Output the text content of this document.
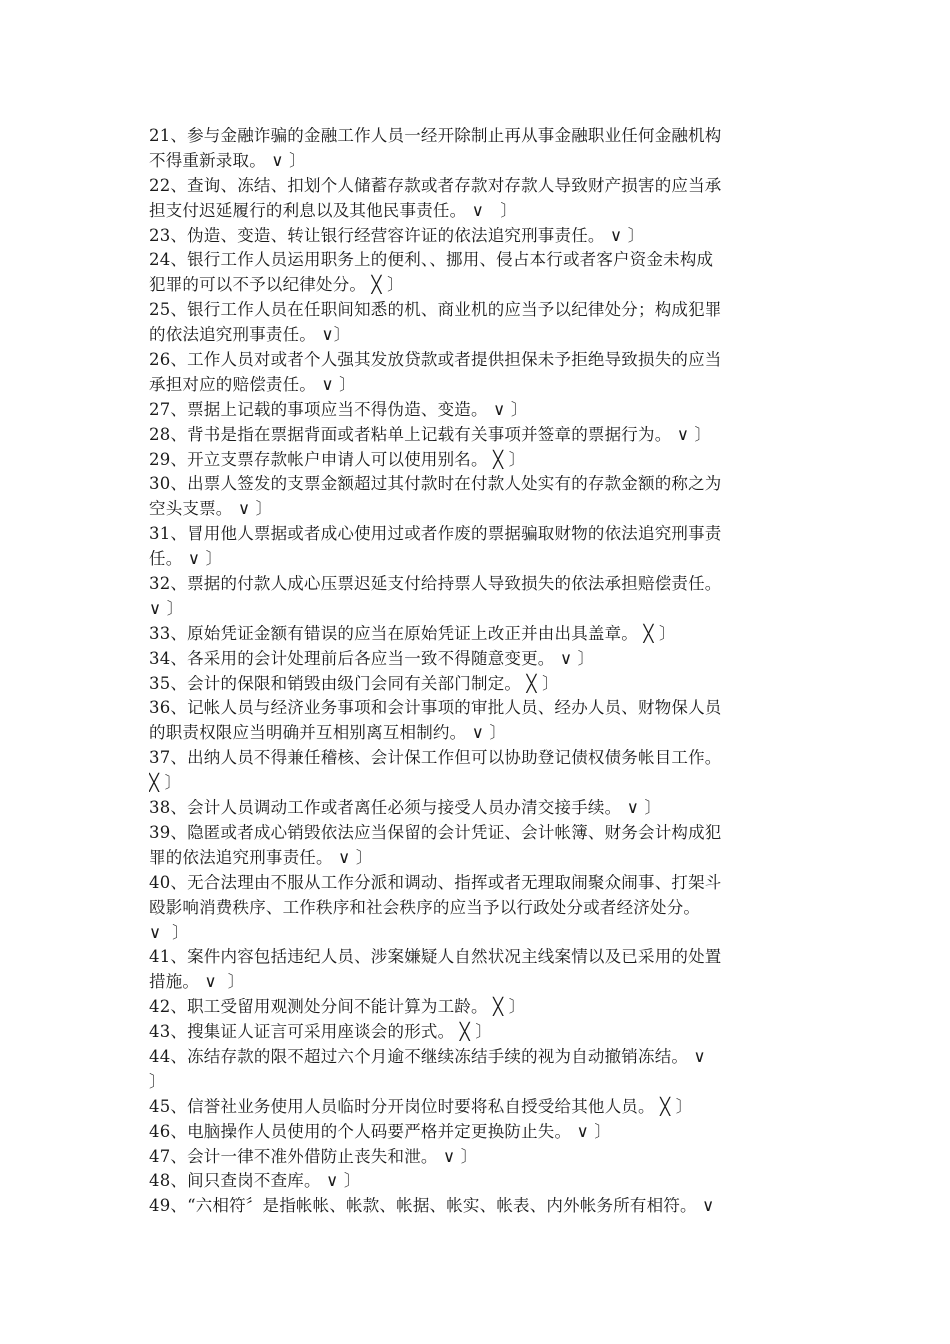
21、参与金融诈骗的金融工作人员一经开除制止再从事金融职业任何金融机构
不得重新录取。 ∨ 〕
22、查询、冻结、扣划个人储蓄存款或者存款对存款人导致财产损害的应当承
担支付迟延履行的利息以及其他民事责任。 ∨   〕
23、伪造、变造、转让银行经营容许证的依法追究刑事责任。 ∨ 〕
24、银行工作人员运用职务上的便利、、挪用、侵占本行或者客户资金未构成
犯罪的可以不予以纪律处分。 ╳ 〕
25、银行工作人员在任职间知悉的机、商业机的应当予以纪律处分；构成犯罪
的依法追究刑事责任。 ∨〕
26、工作人员对或者个人强其发放贷款或者提供担保未予拒绝导致损失的应当
承担对应的赔偿责任。 ∨ 〕
27、票据上记载的事项应当不得伪造、变造。 ∨ 〕
28、背书是指在票据背面或者粘单上记载有关事项并签章的票据行为。 ∨ 〕
29、开立支票存款帐户申请人可以使用别名。 ╳ 〕
30、出票人签发的支票金额超过其付款时在付款人处实有的存款金额的称之为
空头支票。 ∨ 〕
31、冒用他人票据或者成心使用过或者作废的票据骗取财物的依法追究刑事责
任。 ∨ 〕
32、票据的付款人成心压票迟延支付给持票人导致损失的依法承担赔偿责任。
∨ 〕
33、原始凭证金额有错误的应当在原始凭证上改正并由出具盖章。 ╳ 〕
34、各采用的会计处理前后各应当一致不得随意变更。 ∨ 〕
35、会计的保限和销毁由级门会同有关部门制定。 ╳ 〕
36、记帐人员与经济业务事项和会计事项的审批人员、经办人员、财物保人员
的职责权限应当明确并互相别离互相制约。 ∨ 〕
37、出纳人员不得兼任稽核、会计保工作但可以协助登记债权债务帐目工作。
╳ 〕
38、会计人员调动工作或者离任必须与接受人员办清交接手续。 ∨ 〕
39、隐匿或者成心销毁依法应当保留的会计凭证、会计帐簿、财务会计构成犯
罪的依法追究刑事责任。 ∨ 〕
40、无合法理由不服从工作分派和调动、指挥或者无理取闹聚众闹事、打架斗
殴影响消费秩序、工作秩序和社会秩序的应当予以行政处分或者经济处分。
∨  〕
41、案件内容包括违纪人员、涉案嫌疑人自然状况主线案情以及已采用的处置
措施。 ∨  〕
42、职工受留用观测处分间不能计算为工龄。 ╳ 〕
43、搜集证人证言可采用座谈会的形式。 ╳ 〕
44、冻结存款的限不超过六个月逾不继续冻结手续的视为自动撤销冻结。 ∨
〕
45、信誉社业务使用人员临时分开岗位时要将私自授受给其他人员。 ╳ 〕
46、电脑操作人员使用的个人码要严格并定更换防止失。 ∨ 〕
47、会计一律不准外借防止丧失和泄。 ∨ 〕
48、间只查岗不查库。 ∨ 〕
49、“六相符〞是指帐帐、帐款、帐据、帐实、帐表、内外帐务所有相符。 ∨
